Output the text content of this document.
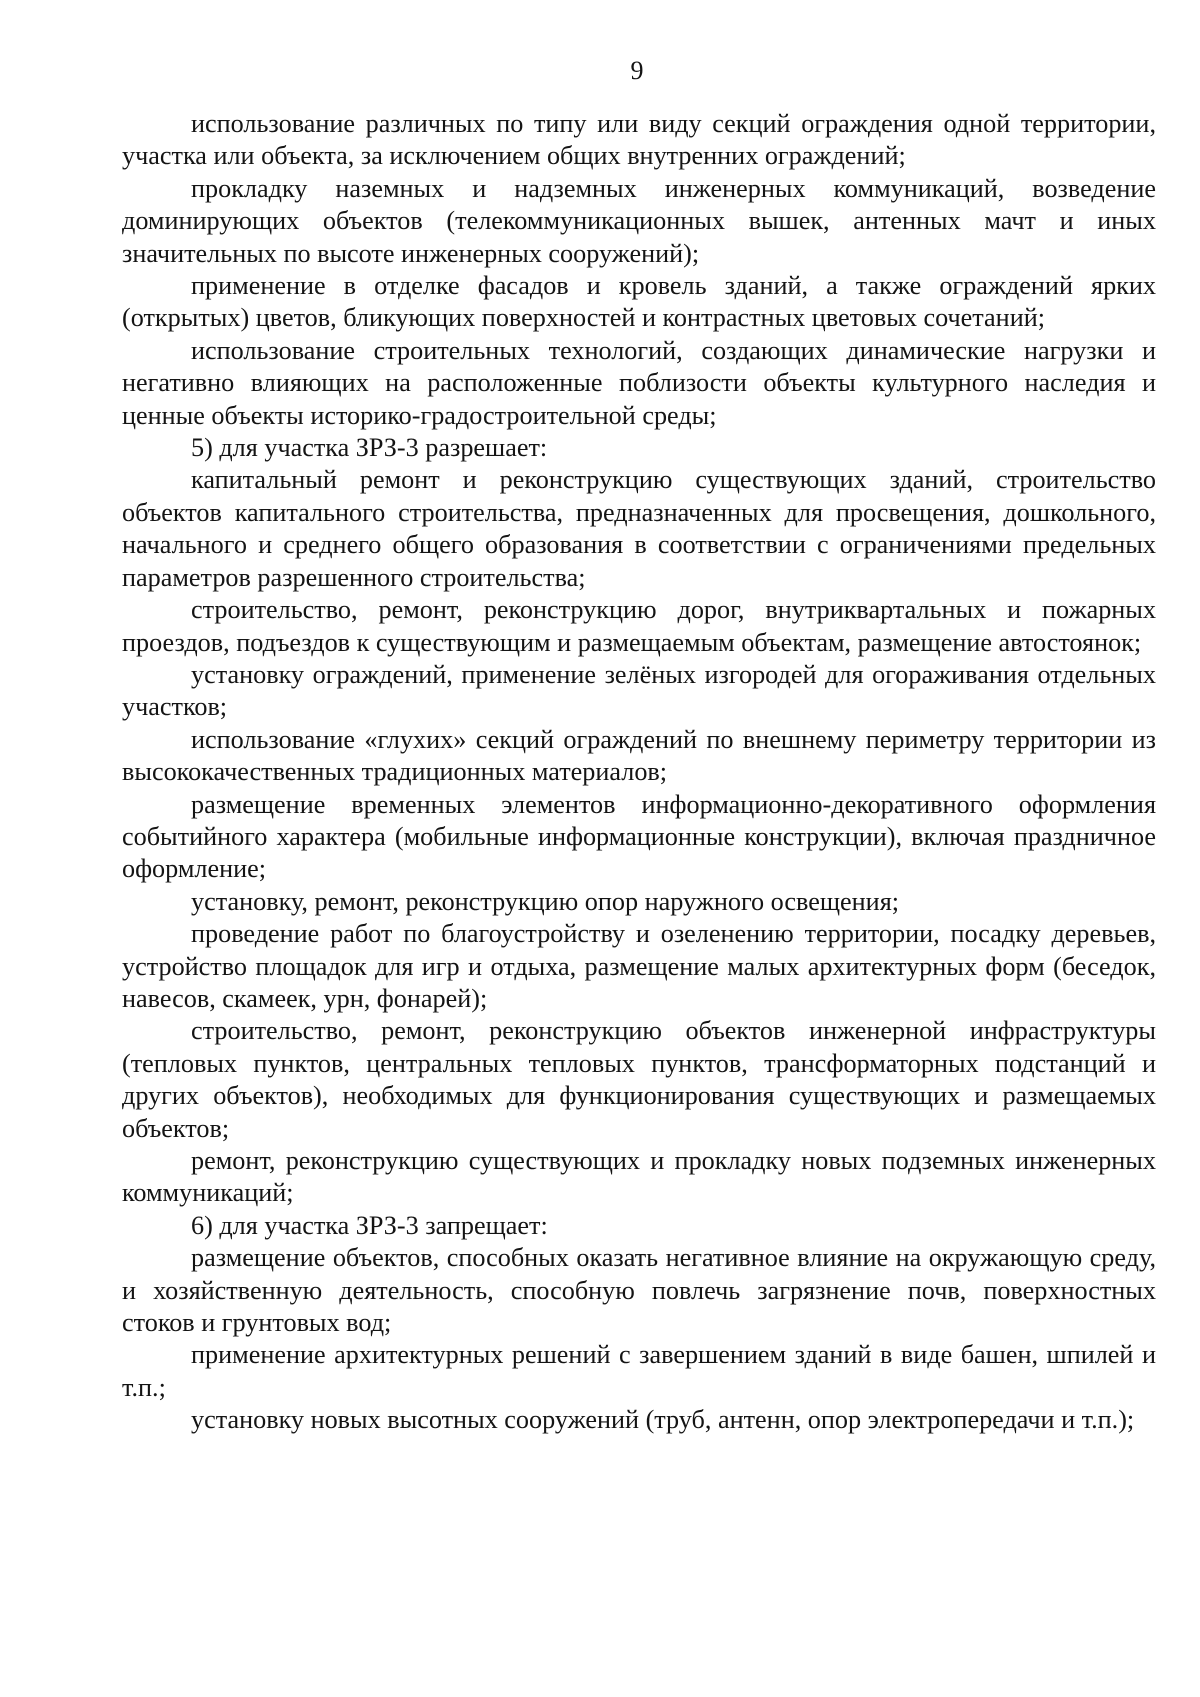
9

использование различных по типу или виду секций ограждения одной территории, участка или объекта, за исключением общих внутренних ограждений;

прокладку наземных и надземных инженерных коммуникаций, возведение доминирующих объектов (телекоммуникационных вышек, антенных мачт и иных значительных по высоте инженерных сооружений);

применение в отделке фасадов и кровель зданий, а также ограждений ярких (открытых) цветов, бликующих поверхностей и контрастных цветовых сочетаний;

использование строительных технологий, создающих динамические нагрузки и негативно влияющих на расположенные поблизости объекты культурного наследия и ценные объекты историко-градостроительной среды;

5) для участка ЗРЗ-3 разрешает:

капитальный ремонт и реконструкцию существующих зданий, строительство объектов капитального строительства, предназначенных для просвещения, дошкольного, начального и среднего общего образования в соответствии с ограничениями предельных параметров разрешенного строительства;

строительство, ремонт, реконструкцию дорог, внутриквартальных и пожарных проездов, подъездов к существующим и размещаемым объектам, размещение автостоянок;

установку ограждений, применение зелёных изгородей для огораживания отдельных участков;

использование «глухих» секций ограждений по внешнему периметру территории из высококачественных традиционных материалов;

размещение временных элементов информационно-декоративного оформления событийного характера (мобильные информационные конструкции), включая праздничное оформление;

установку, ремонт, реконструкцию опор наружного освещения;

проведение работ по благоустройству и озеленению территории, посадку деревьев, устройство площадок для игр и отдыха, размещение малых архитектурных форм (беседок, навесов, скамеек, урн, фонарей);

строительство, ремонт, реконструкцию объектов инженерной инфраструктуры (тепловых пунктов, центральных тепловых пунктов, трансформаторных подстанций и других объектов), необходимых для функционирования существующих и размещаемых объектов;

ремонт, реконструкцию существующих и прокладку новых подземных инженерных коммуникаций;

6) для участка ЗРЗ-3 запрещает:

размещение объектов, способных оказать негативное влияние на окружающую среду, и хозяйственную деятельность, способную повлечь загрязнение почв, поверхностных стоков и грунтовых вод;

применение архитектурных решений с завершением зданий в виде башен, шпилей и т.п.;

установку новых высотных сооружений (труб, антенн, опор электропередачи и т.п.);
